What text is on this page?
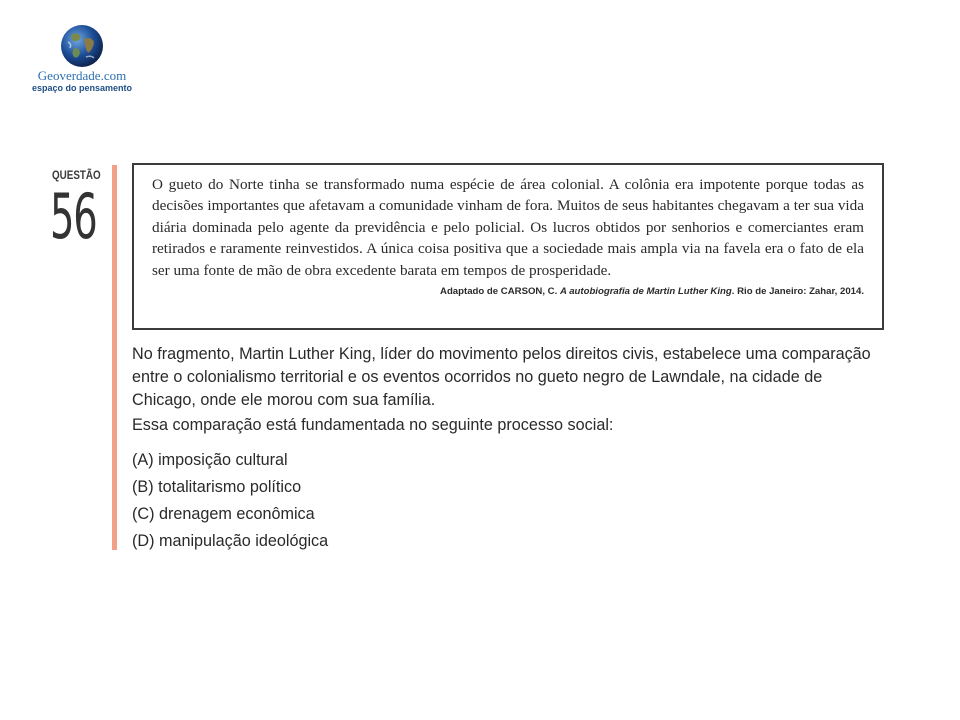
Geoverdade.com
espaço do pensamento
QUESTÃO
56	O gueto do Norte tinha se transformado numa espécie de área colonial. A colônia era impotente porque todas as decisões importantes que afetavam a comunidade vinham de fora. Muitos de seus habitantes chegavam a ter sua vida diária dominada pelo agente da previdência e pelo policial. Os lucros obtidos por senhorios e comerciantes eram retirados e raramente reinvestidos. A única coisa positiva que a sociedade mais ampla via na favela era o fato de ela ser uma fonte de mão de obra excedente barata em tempos de prosperidade.

Adaptado de CARSON, C. A autobiografia de Martin Luther King. Rio de Janeiro: Zahar, 2014.

No fragmento, Martin Luther King, líder do movimento pelos direitos civis, estabelece uma comparação entre o colonialismo territorial e os eventos ocorridos no gueto negro de Lawndale, na cidade de Chicago, onde ele morou com sua família.

Essa comparação está fundamentada no seguinte processo social:

(A) imposição cultural
(B) totalitarismo político
(C) drenagem econômica
(D) manipulação ideológica
